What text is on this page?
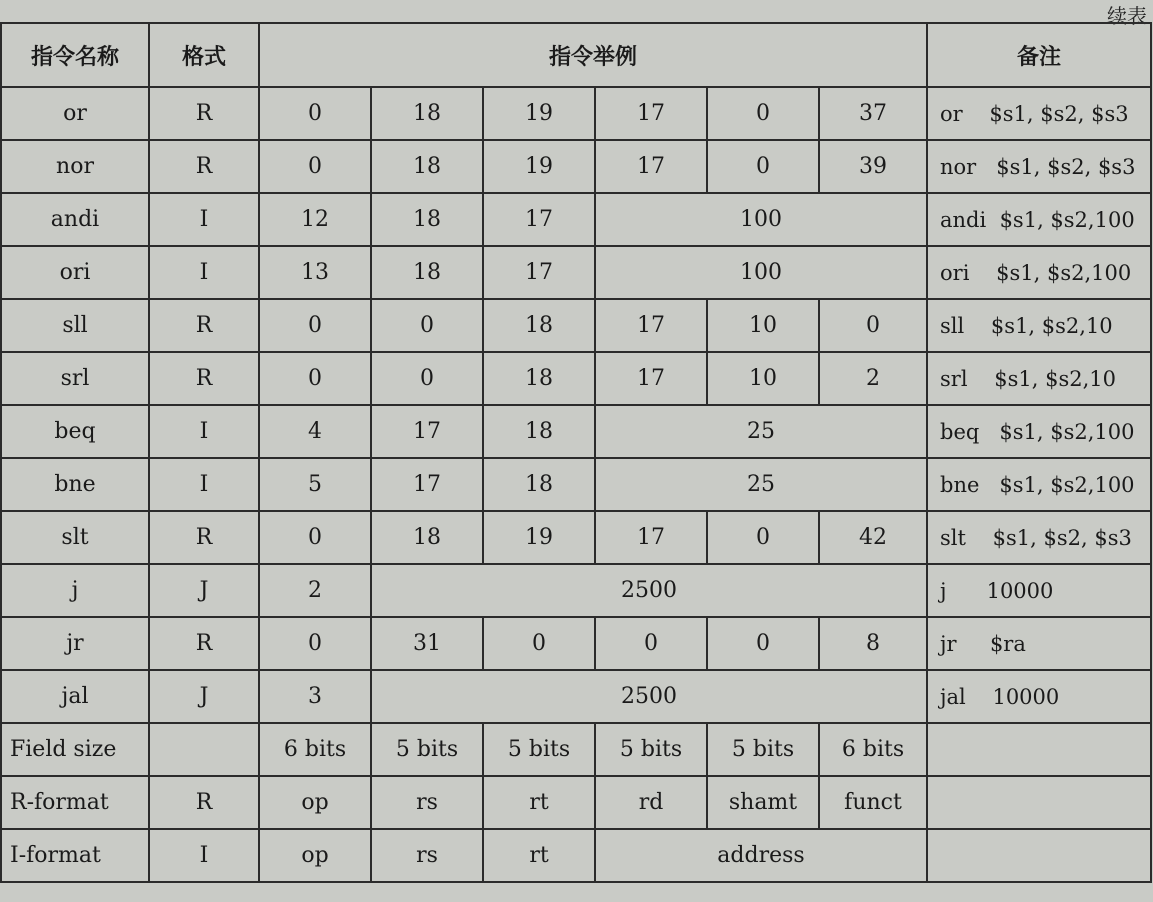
续表
指令名称	格式	指令举例						备注
or	R	0	18	19	17	0	37	or    $s1, $s2, $s3
nor	R	0	18	19	17	0	39	nor   $s1, $s2, $s3
andi	I	12	18	17	100			andi  $s1, $s2,100
ori	I	13	18	17	100			ori    $s1, $s2,100
sll	R	0	0	18	17	10	0	sll    $s1, $s2,10
srl	R	0	0	18	17	10	2	srl    $s1, $s2,10
beq	I	4	17	18	25			beq   $s1, $s2,100
bne	I	5	17	18	25			bne   $s1, $s2,100
slt	R	0	18	19	17	0	42	slt    $s1, $s2, $s3
j	J	2	2500					j      10000
jr	R	0	31	0	0	0	8	jr     $ra
jal	J	3	2500					jal    10000
Field size		6 bits	5 bits	5 bits	5 bits	5 bits	6 bits	
R-format	R	op	rs	rt	rd	shamt	funct	
I-format	I	op	rs	rt	address			
